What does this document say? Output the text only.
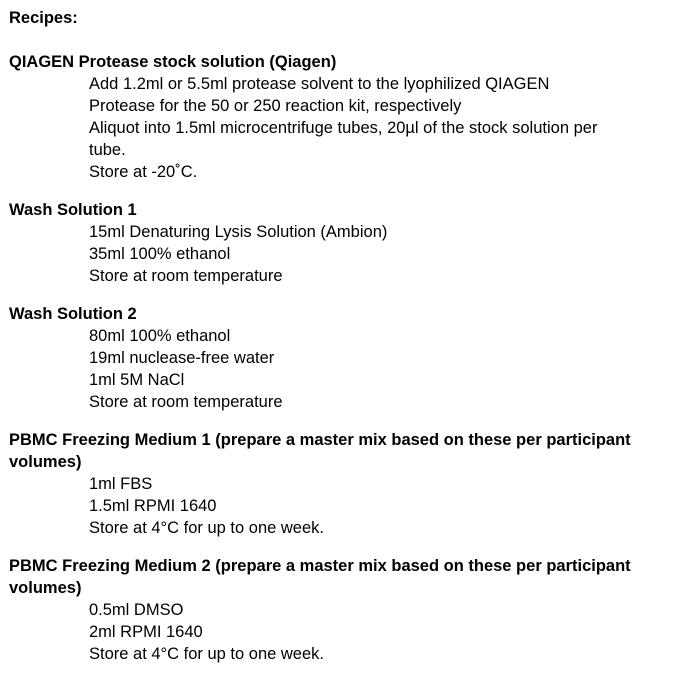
Recipes:
QIAGEN Protease stock solution (Qiagen)
Add 1.2ml or 5.5ml protease solvent to the lyophilized QIAGEN
Protease for the 50 or 250 reaction kit, respectively
Aliquot into 1.5ml microcentrifuge tubes, 20µl of the stock solution per
tube.
Store at -20˚C.
Wash Solution 1
15ml Denaturing Lysis Solution (Ambion)
35ml 100% ethanol
Store at room temperature
Wash Solution 2
80ml 100% ethanol
19ml nuclease-free water
1ml 5M NaCl
Store at room temperature
PBMC Freezing Medium 1 (prepare a master mix based on these per participant volumes)
1ml FBS
1.5ml RPMI 1640
Store at 4°C for up to one week.
PBMC Freezing Medium 2 (prepare a master mix based on these per participant volumes)
0.5ml DMSO
2ml RPMI 1640
Store at 4°C for up to one week.
